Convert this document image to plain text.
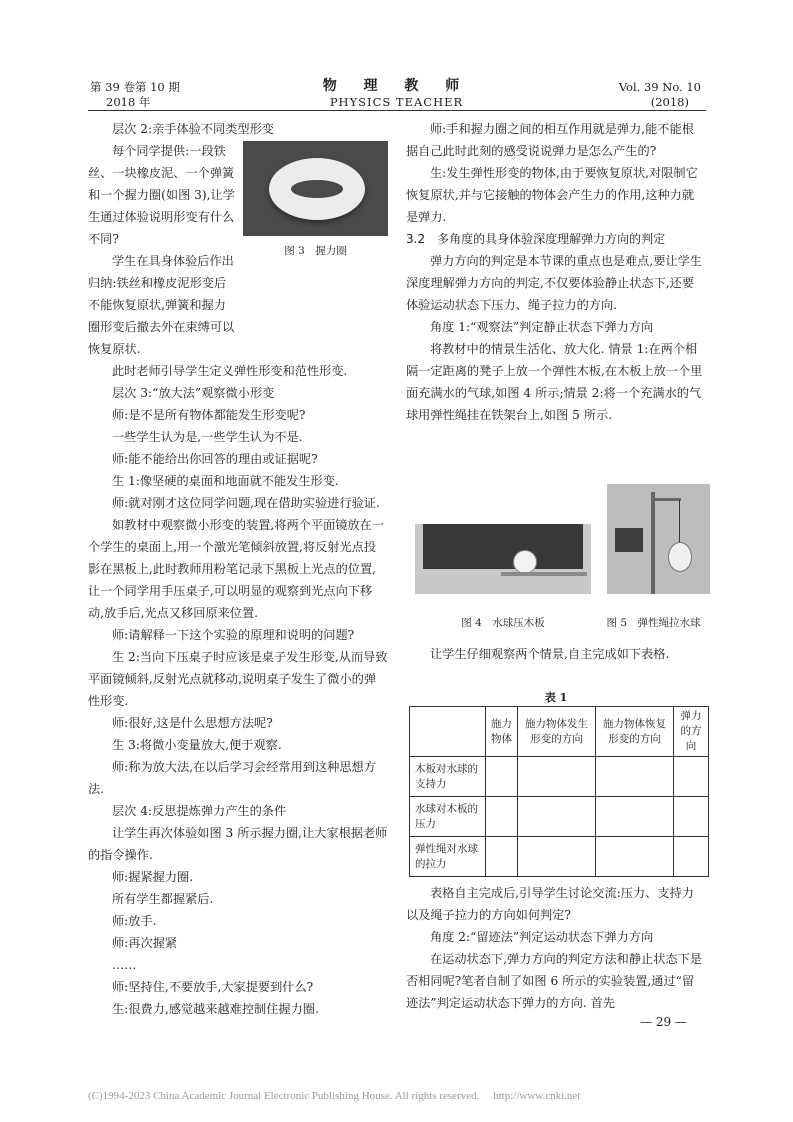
第 39 卷第 10 期
2018 年
物 理 教 师
PHYSICS TEACHER
Vol. 39 No. 10
(2018)

层次 2:亲手体验不同类型形变

每个同学提供:一段铁丝、一块橡皮泥、一个弹簧和一个握力圈(如图 3),让学生通过体验说明形变有什么不同?

学生在具身体验后作出归纳:铁丝和橡皮泥形变后不能恢复原状,弹簧和握力圈形变后撤去外在束缚可以恢复原状.

此时老师引导学生定义弹性形变和范性形变.

层次 3:“放大法”观察微小形变

师:是不是所有物体都能发生形变呢?

一些学生认为是,一些学生认为不是.

师:能不能给出你回答的理由或证据呢?

生 1:像坚硬的桌面和地面就不能发生形变.

师:就对刚才这位同学问题,现在借助实验进行验证.

如教材中观察微小形变的装置,将两个平面镜放在一个学生的桌面上,用一个激光笔倾斜放置,将反射光点投影在黑板上,此时教师用粉笔记录下黑板上光点的位置,让一个同学用手压桌子,可以明显的观察到光点向下移动,放手后,光点又移回原来位置.

师:请解释一下这个实验的原理和说明的问题?

生 2:当向下压桌子时应该是桌子发生形变,从而导致平面镜倾斜,反射光点就移动,说明桌子发生了微小的弹性形变.

师:很好,这是什么思想方法呢?

生 3:将微小变量放大,便于观察.

师:称为放大法,在以后学习会经常用到这种思想方法.

层次 4:反思提炼弹力产生的条件

让学生再次体验如图 3 所示握力圈,让大家根据老师的指令操作.

师:握紧握力圈.

所有学生都握紧后.

师:放手.

师:再次握紧

……

师:坚持住,不要放手,大家提要到什么?

生:很费力,感觉越来越难控制住握力圈.

图 3　握力圈

师:手和握力圈之间的相互作用就是弹力,能不能根据自己此时此刻的感受说说弹力是怎么产生的?

生:发生弹性形变的物体,由于要恢复原状,对限制它恢复原状,并与它接触的物体会产生力的作用,这种力就是弹力.

3.2　多角度的具身体验深度理解弹力方向的判定

弹力方向的判定是本节课的重点也是难点,要让学生深度理解弹力方向的判定,不仅要体验静止状态下,还要体验运动状态下压力、绳子拉力的方向.

角度 1:“观察法”判定静止状态下弹力方向

将教材中的情景生活化、放大化. 情景 1:在两个相隔一定距离的凳子上放一个弹性木板,在木板上放一个里面充满水的气球,如图 4 所示;情景 2:将一个充满水的气球用弹性绳挂在铁架台上,如图 5 所示.

图 4　水球压木板	图 5　弹性绳拉水球

让学生仔细观察两个情景,自主完成如下表格.

表 1
	施力物体	施力物体发生形变的方向	施力物体恢复形变的方向	弹力的方向
木板对水球的支持力				
水球对木板的压力				
弹性绳对水球的拉力				

表格自主完成后,引导学生讨论交流:压力、支持力以及绳子拉力的方向如何判定?

角度 2:“留迹法”判定运动状态下弹力方向

在运动状态下,弹力方向的判定方法和静止状态下是否相同呢?笔者自制了如图 6 所示的实验装置,通过“留迹法”判定运动状态下弹力的方向. 首先

— 29 —
(C)1994-2023 China Academic Journal Electronic Publishing House. All rights reserved.　 http://www.cnki.net
